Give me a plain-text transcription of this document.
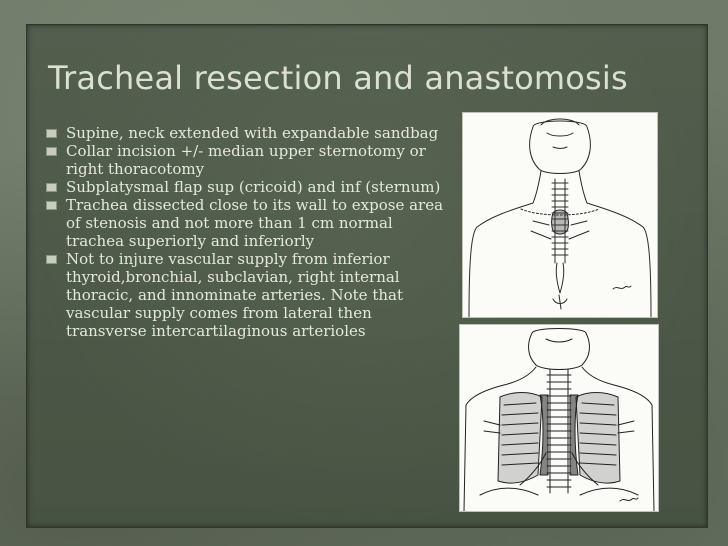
Tracheal resection and anastomosis
Supine, neck extended with expandable sandbag
Collar incision +/- median upper sternotomy or right thoracotomy
Subplatysmal flap sup (cricoid) and inf (sternum)
Trachea dissected close to its wall to expose area of stenosis and not more than 1 cm normal trachea superiorly and inferiorly
Not to injure vascular supply from inferior thyroid,bronchial, subclavian, right internal thoracic, and innominate arteries. Note that vascular supply comes from lateral then transverse intercartilaginous arterioles
